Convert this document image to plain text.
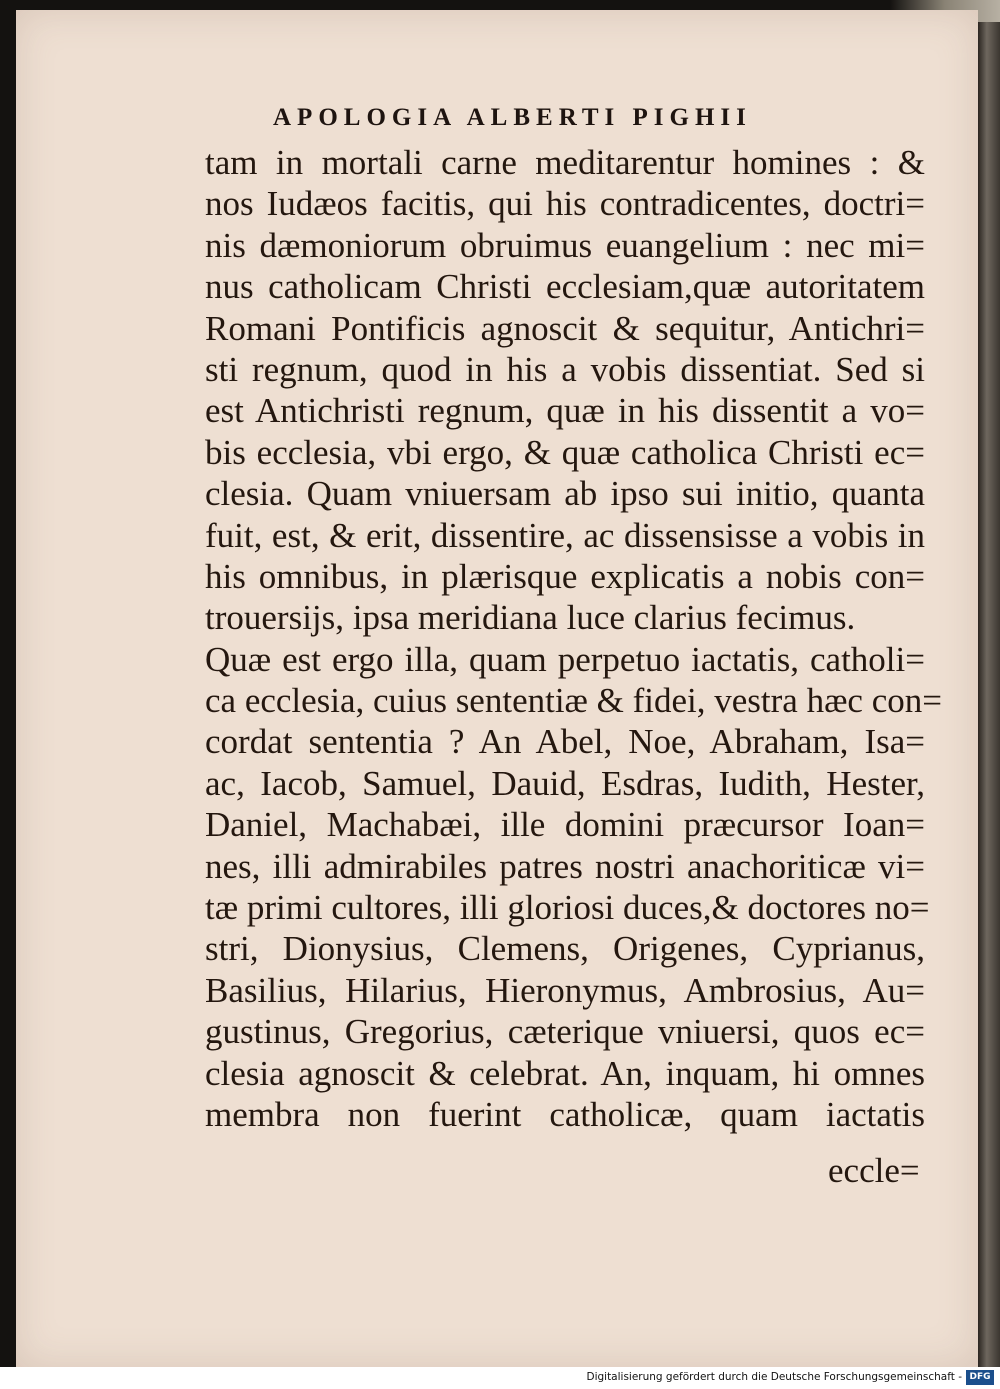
APOLOGIA ALBERTI PIGHII
tam in mortali carne meditarentur homines : &
nos Iudæos facitis, qui his contradicentes, doctri=
nis dæmoniorum obruimus euangelium : nec mi=
nus catholicam Christi ecclesiam,quæ autoritatem
Romani Pontificis agnoscit & sequitur, Antichri=
sti regnum, quod in his a vobis dissentiat. Sed si
est Antichristi regnum, quæ in his dissentit a vo=
bis ecclesia, vbi ergo, & quæ catholica Christi ec=
clesia. Quam vniuersam ab ipso sui initio, quanta
fuit, est, & erit, dissentire, ac dissensisse a vobis in
his omnibus, in plærisque explicatis a nobis con=
trouersijs, ipsa meridiana luce clarius fecimus.
Quæ est ergo illa, quam perpetuo iactatis, catholi=
ca ecclesia, cuius sententiæ & fidei, vestra hæc con=
cordat sententia ? An Abel, Noe, Abraham, Isa=
ac, Iacob, Samuel, Dauid, Esdras, Iudith, Hester,
Daniel, Machabæi, ille domini præcursor Ioan=
nes, illi admirabiles patres nostri anachoriticæ vi=
tæ primi cultores, illi gloriosi duces,& doctores no=
stri, Dionysius, Clemens, Origenes, Cyprianus,
Basilius, Hilarius, Hieronymus, Ambrosius, Au=
gustinus, Gregorius, cæterique vniuersi, quos ec=
clesia agnoscit & celebrat. An, inquam, hi omnes
membra non fuerint catholicæ, quam iactatis
eccle=
Digitalisierung gefördert durch die Deutsche Forschungsgemeinschaft - DFG
